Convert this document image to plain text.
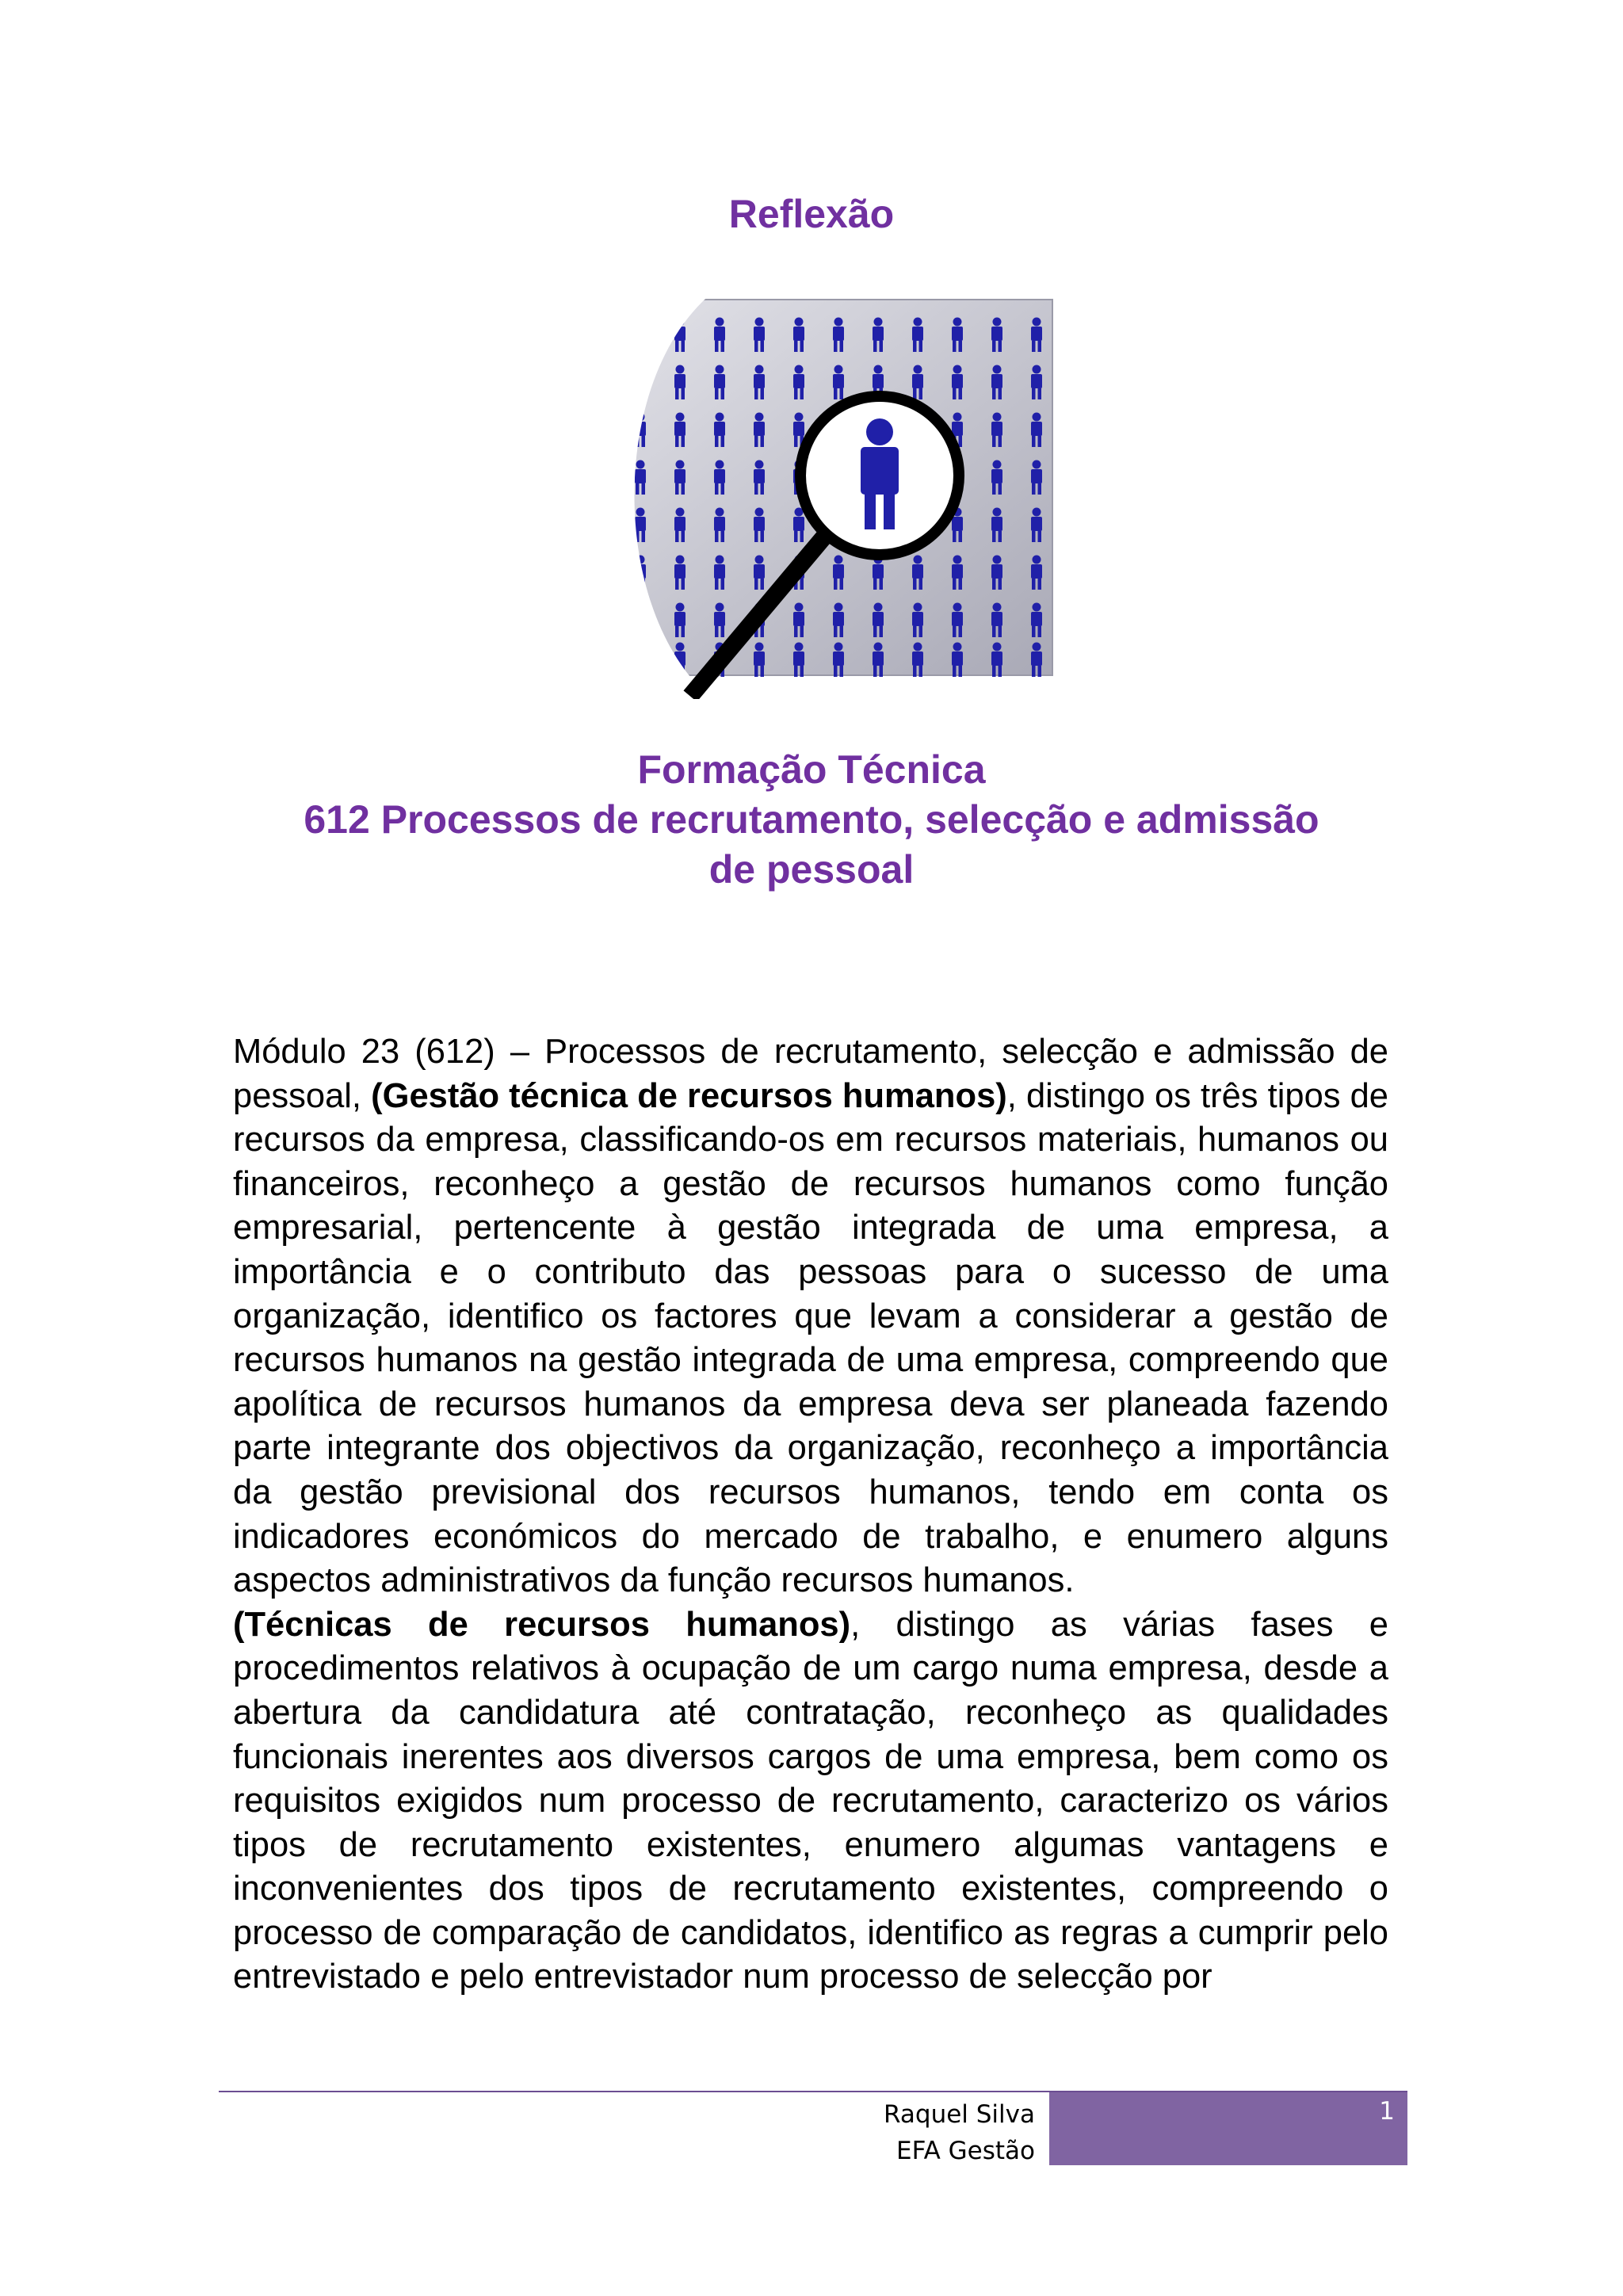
Reflexão
Formação Técnica
612 Processos de recrutamento, selecção e admissão
de pessoal

Módulo 23 (612) – Processos de recrutamento, selecção e admissão de pessoal, (Gestão técnica de recursos humanos), distingo os três tipos de recursos da empresa, classificando-os em recursos materiais, humanos ou financeiros, reconheço a gestão de recursos humanos como função empresarial, pertencente à gestão integrada de uma empresa, a importância e o contributo das pessoas para o sucesso de uma organização, identifico os factores que levam a considerar a gestão de recursos humanos na gestão integrada de uma empresa, compreendo que apolítica de recursos humanos da empresa deva ser planeada fazendo parte integrante dos objectivos da organização, reconheço a importância da gestão previsional dos recursos humanos, tendo em conta os indicadores económicos do mercado de trabalho, e enumero alguns aspectos administrativos da função recursos humanos.

(Técnicas de recursos humanos), distingo as várias fases e procedimentos relativos à ocupação de um cargo numa empresa, desde a abertura da candidatura até contratação, reconheço as qualidades funcionais inerentes aos diversos cargos de uma empresa, bem como os requisitos exigidos num processo de recrutamento, caracterizo os vários tipos de recrutamento existentes, enumero algumas vantagens e inconvenientes dos tipos de recrutamento existentes, compreendo o processo de comparação de candidatos, identifico as regras a cumprir pelo entrevistado e pelo entrevistador num processo de selecção por

Raquel Silva
EFA Gestão
1
